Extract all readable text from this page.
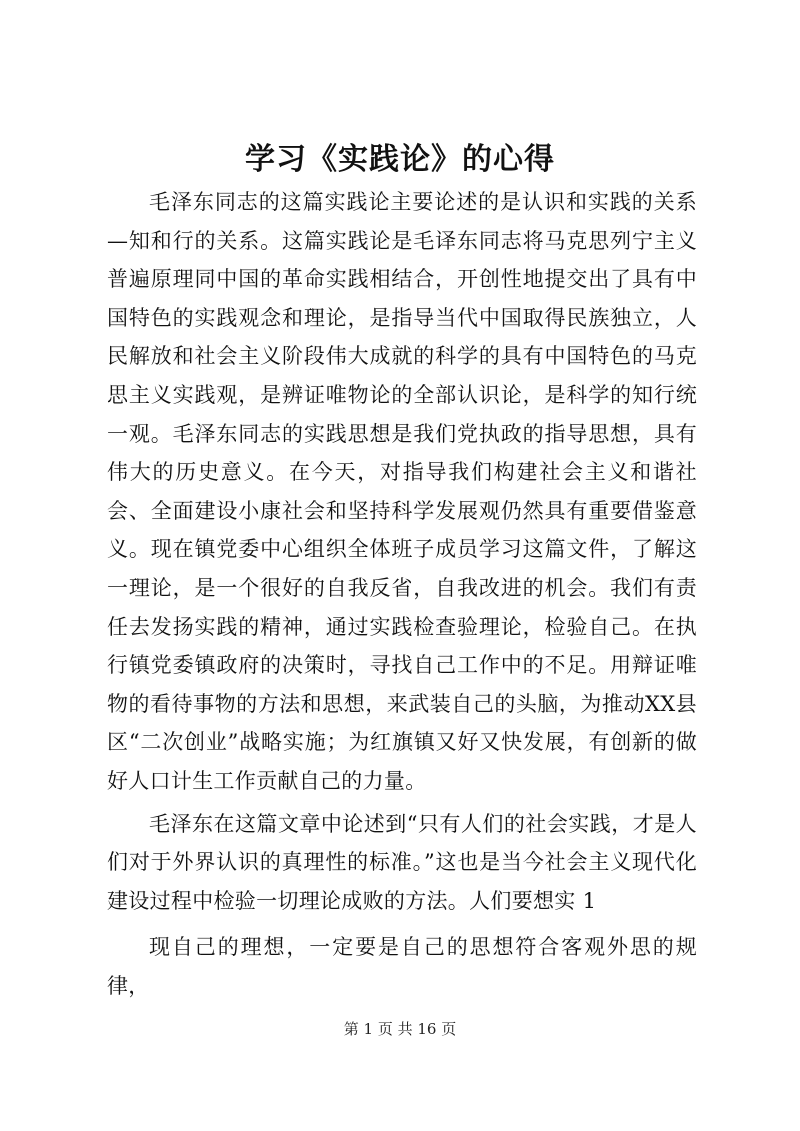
学习《实践论》的心得

毛泽东同志的这篇实践论主要论述的是认识和实践的关系—知和行的关系。这篇实践论是毛译东同志将马克思列宁主义普遍原理同中国的革命实践相结合，开创性地提交出了具有中国特色的实践观念和理论，是指导当代中国取得民族独立，人民解放和社会主义阶段伟大成就的科学的具有中国特色的马克思主义实践观，是辨证唯物论的全部认识论，是科学的知行统一观。毛泽东同志的实践思想是我们党执政的指导思想，具有伟大的历史意义。在今天，对指导我们构建社会主义和谐社会、全面建设小康社会和坚持科学发展观仍然具有重要借鉴意义。现在镇党委中心组织全体班子成员学习这篇文件，了解这一理论，是一个很好的自我反省，自我改进的机会。我们有责任去发扬实践的精神，通过实践检查验理论，检验自己。在执行镇党委镇政府的决策时，寻找自己工作中的不足。用辩证唯物的看待事物的方法和思想，来武装自己的头脑，为推动XX县区“二次创业”战略实施；为红旗镇又好又快发展，有创新的做好人口计生工作贡献自己的力量。

毛泽东在这篇文章中论述到“只有人们的社会实践，才是人们对于外界认识的真理性的标准。”这也是当今社会主义现代化建设过程中检验一切理论成败的方法。人们要想实 1

现自己的理想，一定要是自己的思想符合客观外思的规律，

第 1 页 共 16 页
